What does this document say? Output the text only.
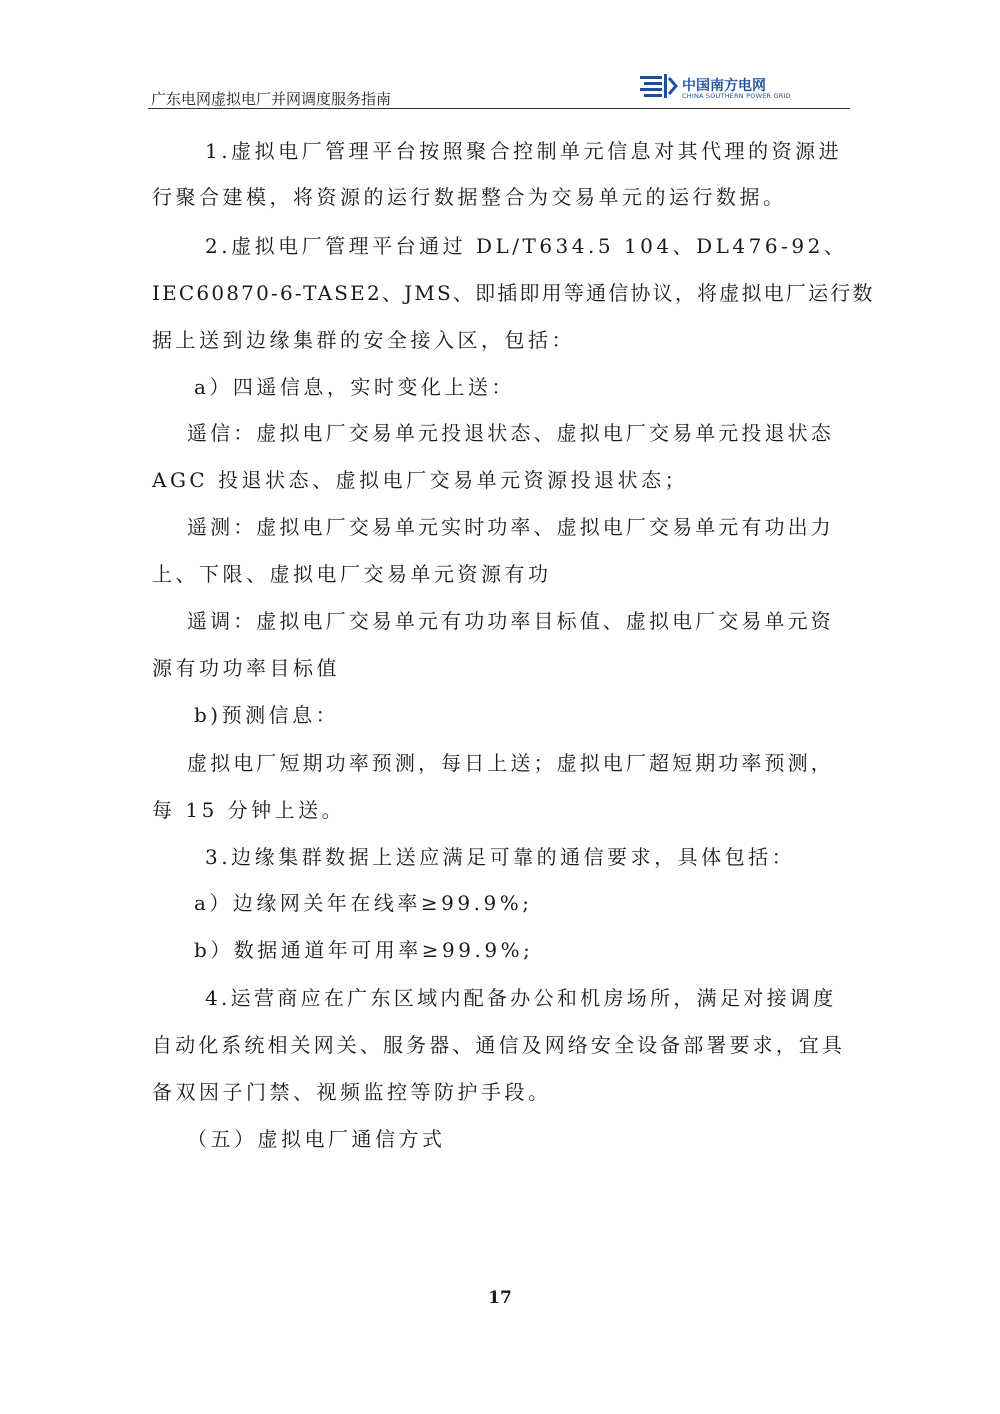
广东电网虚拟电厂并网调度服务指南
中国南方电网
CHINA SOUTHERN POWER GRID
1.虚拟电厂管理平台按照聚合控制单元信息对其代理的资源进
行聚合建模，将资源的运行数据整合为交易单元的运行数据。
2.虚拟电厂管理平台通过 DL/T634.5 104、DL476-92、
IEC60870-6-TASE2、JMS、即插即用等通信协议，将虚拟电厂运行数
据上送到边缘集群的安全接入区，包括：
a）四遥信息，实时变化上送：
遥信：虚拟电厂交易单元投退状态、虚拟电厂交易单元投退状态
AGC 投退状态、虚拟电厂交易单元资源投退状态；
遥测：虚拟电厂交易单元实时功率、虚拟电厂交易单元有功出力
上、下限、虚拟电厂交易单元资源有功
遥调：虚拟电厂交易单元有功功率目标值、虚拟电厂交易单元资
源有功功率目标值
b)预测信息：
虚拟电厂短期功率预测，每日上送；虚拟电厂超短期功率预测，
每 15 分钟上送。
3.边缘集群数据上送应满足可靠的通信要求，具体包括：
a）边缘网关年在线率≥99.9%;
b）数据通道年可用率≥99.9%;
4.运营商应在广东区域内配备办公和机房场所，满足对接调度
自动化系统相关网关、服务器、通信及网络安全设备部署要求，宜具
备双因子门禁、视频监控等防护手段。
（五）虚拟电厂通信方式
17
